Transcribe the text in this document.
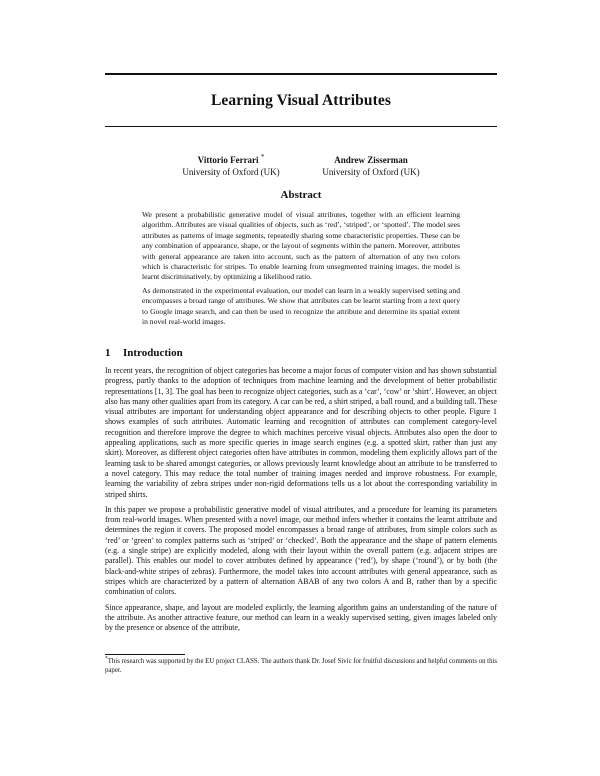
Learning Visual Attributes
Vittorio Ferrari *
University of Oxford (UK)
Andrew Zisserman
University of Oxford (UK)
Abstract

We present a probabilistic generative model of visual attributes, together with an efficient learning algorithm. Attributes are visual qualities of objects, such as ‘red’, ‘striped’, or ‘spotted’. The model sees attributes as patterns of image segments, repeatedly sharing some characteristic properties. These can be any combination of appearance, shape, or the layout of segments within the pattern. Moreover, attributes with general appearance are taken into account, such as the pattern of alternation of any two colors which is characteristic for stripes. To enable learning from unsegmented training images, the model is learnt discriminatively, by optimizing a likelihood ratio.

As demonstrated in the experimental evaluation, our model can learn in a weakly supervised setting and encompasses a broad range of attributes. We show that attributes can be learnt starting from a text query to Google image search, and can then be used to recognize the attribute and determine its spatial extent in novel real-world images.

1 Introduction

In recent years, the recognition of object categories has become a major focus of computer vision and has shown substantial progress, partly thanks to the adoption of techniques from machine learning and the development of better probabilistic representations [1, 3]. The goal has been to recognize object categories, such as a ‘car’, ‘cow’ or ‘shirt’. However, an object also has many other qualities apart from its category. A car can be red, a shirt striped, a ball round, and a building tall. These visual attributes are important for understanding object appearance and for describing objects to other people. Figure 1 shows examples of such attributes. Automatic learning and recognition of attributes can complement category-level recognition and therefore improve the degree to which machines perceive visual objects. Attributes also open the door to appealing applications, such as more specific queries in image search engines (e.g. a spotted skirt, rather than just any skirt). Moreover, as different object categories often have attributes in common, modeling them explicitly allows part of the learning task to be shared amongst categories, or allows previously learnt knowledge about an attribute to be transferred to a novel category. This may reduce the total number of training images needed and improve robustness. For example, learning the variability of zebra stripes under non-rigid deformations tells us a lot about the corresponding variability in striped shirts.

In this paper we propose a probabilistic generative model of visual attributes, and a procedure for learning its parameters from real-world images. When presented with a novel image, our method infers whether it contains the learnt attribute and determines the region it covers. The proposed model encompasses a broad range of attributes, from simple colors such as ‘red’ or ‘green’ to complex patterns such as ‘striped’ or ‘checked’. Both the appearance and the shape of pattern elements (e.g. a single stripe) are explicitly modeled, along with their layout within the overall pattern (e.g. adjacent stripes are parallel). This enables our model to cover attributes defined by appearance (‘red’), by shape (‘round’), or by both (the black-and-white stripes of zebras). Furthermore, the model takes into account attributes with general appearance, such as stripes which are characterized by a pattern of alternation ABAB of any two colors A and B, rather than by a specific combination of colors.

Since appearance, shape, and layout are modeled explictly, the learning algorithm gains an understanding of the nature of the attribute. As another attractive feature, our method can learn in a weakly supervised setting, given images labeled only by the presence or absence of the attribute,

*This research was supported by the EU project CLASS. The authors thank Dr. Josef Sivic for fruitful discussions and helpful comments on this paper.
